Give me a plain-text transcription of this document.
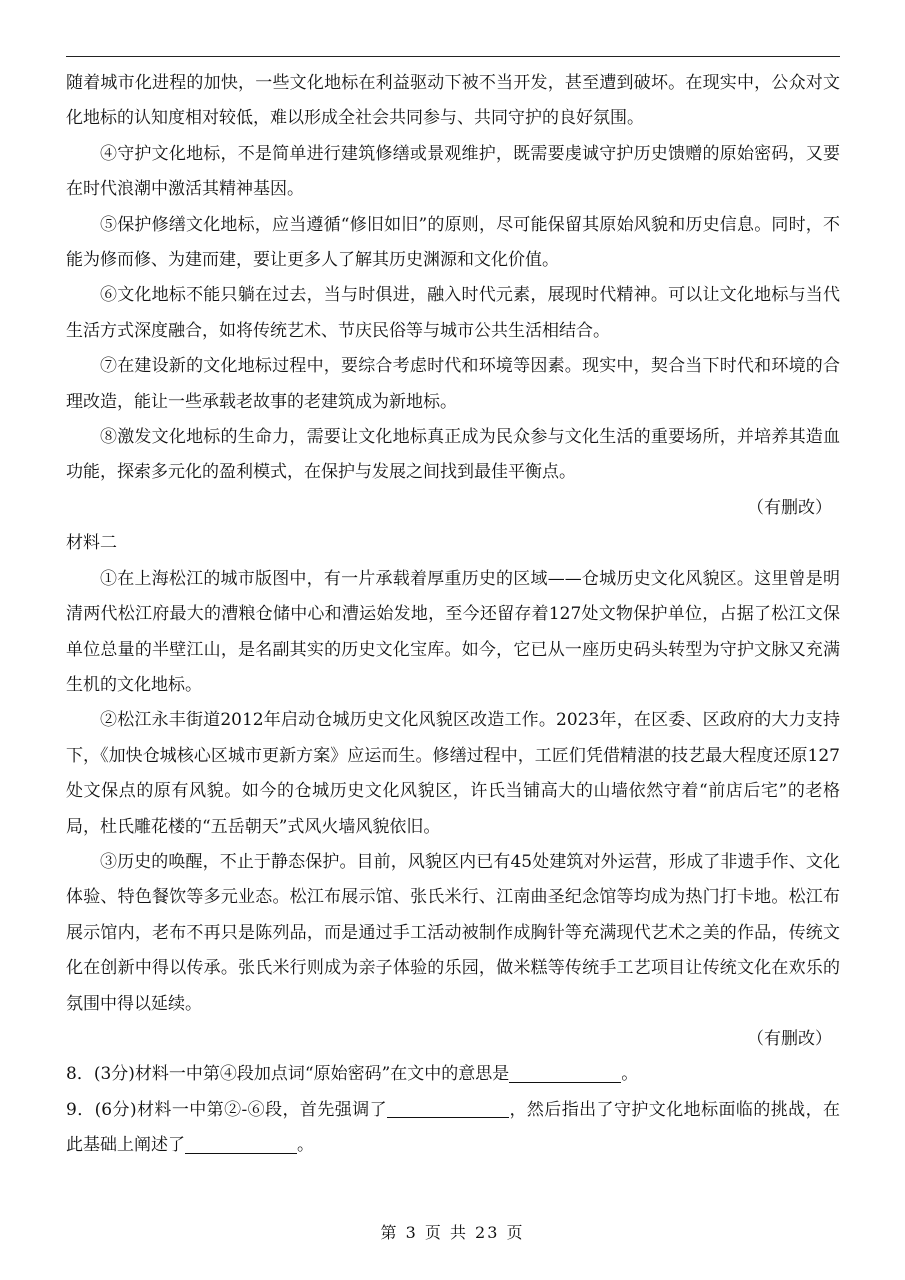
随着城市化进程的加快，一些文化地标在利益驱动下被不当开发，甚至遭到破坏。在现实中，公众对文化地标的认知度相对较低，难以形成全社会共同参与、共同守护的良好氛围。

④守护文化地标，不是简单进行建筑修缮或景观维护，既需要虔诚守护历史馈赠的原始密码，又要在时代浪潮中激活其精神基因。

⑤保护修缮文化地标，应当遵循“修旧如旧”的原则，尽可能保留其原始风貌和历史信息。同时，不能为修而修、为建而建，要让更多人了解其历史渊源和文化价值。

⑥文化地标不能只躺在过去，当与时俱进，融入时代元素，展现时代精神。可以让文化地标与当代生活方式深度融合，如将传统艺术、节庆民俗等与城市公共生活相结合。

⑦在建设新的文化地标过程中，要综合考虑时代和环境等因素。现实中，契合当下时代和环境的合理改造，能让一些承载老故事的老建筑成为新地标。

⑧激发文化地标的生命力，需要让文化地标真正成为民众参与文化生活的重要场所，并培养其造血功能，探索多元化的盈利模式，在保护与发展之间找到最佳平衡点。

（有删改）

材料二

①在上海松江的城市版图中，有一片承载着厚重历史的区域——仓城历史文化风貌区。这里曾是明清两代松江府最大的漕粮仓储中心和漕运始发地，至今还留存着127处文物保护单位，占据了松江文保单位总量的半壁江山，是名副其实的历史文化宝库。如今，它已从一座历史码头转型为守护文脉又充满生机的文化地标。

②松江永丰街道2012年启动仓城历史文化风貌区改造工作。2023年，在区委、区政府的大力支持下，《加快仓城核心区城市更新方案》应运而生。修缮过程中，工匠们凭借精湛的技艺最大程度还原127处文保点的原有风貌。如今的仓城历史文化风貌区，许氏当铺高大的山墙依然守着“前店后宅”的老格局，杜氏雕花楼的“五岳朝天”式风火墙风貌依旧。

③历史的唤醒，不止于静态保护。目前，风貌区内已有45处建筑对外运营，形成了非遗手作、文化体验、特色餐饮等多元业态。松江布展示馆、张氏米行、江南曲圣纪念馆等均成为热门打卡地。松江布展示馆内，老布不再只是陈列品，而是通过手工活动被制作成胸针等充满现代艺术之美的作品，传统文化在创新中得以传承。张氏米行则成为亲子体验的乐园，做米糕等传统手工艺项目让传统文化在欢乐的氛围中得以延续。

（有删改）

8．(3分)材料一中第④段加点词“原始密码”在文中的意思是	。

9．(6分)材料一中第②-⑥段，首先强调了	，然后指出了守护文化地标面临的挑战，在此基础上阐述了	。

第 3 页 共 23 页
